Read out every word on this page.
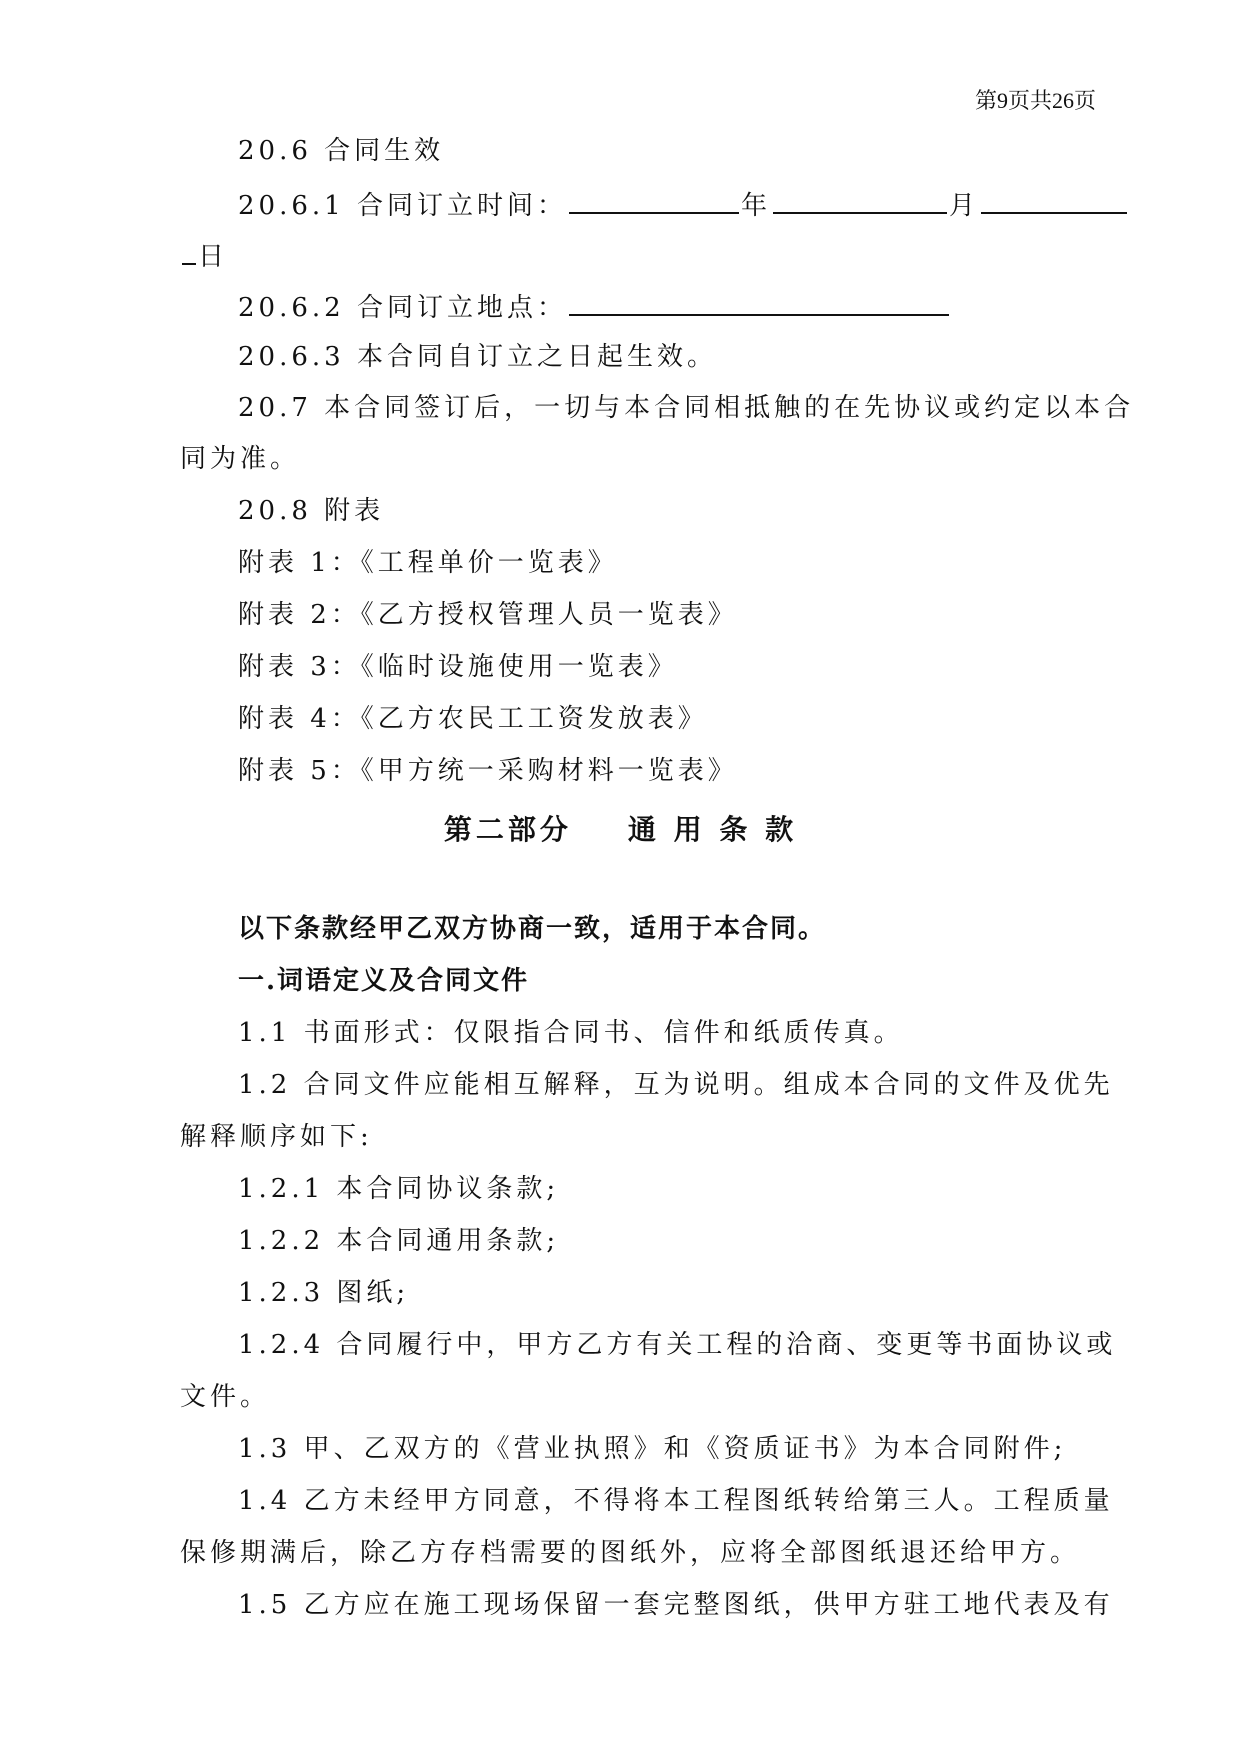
第9页共26页
20.6 合同生效
20.6.1 合同订立时间：	年	月
日
20.6.2 合同订立地点：
20.6.3 本合同自订立之日起生效。
20.7 本合同签订后，一切与本合同相抵触的在先协议或约定以本合
同为准。
20.8 附表
附表 1：《工程单价一览表》
附表 2：《乙方授权管理人员一览表》
附表 3：《临时设施使用一览表》
附表 4：《乙方农民工工资发放表》
附表 5：《甲方统一采购材料一览表》
第二部分 通 用 条 款
以下条款经甲乙双方协商一致，适用于本合同。
一.词语定义及合同文件
1.1 书面形式：仅限指合同书、信件和纸质传真。
1.2 合同文件应能相互解释，互为说明。组成本合同的文件及优先
解释顺序如下:
1.2.1 本合同协议条款;
1.2.2 本合同通用条款;
1.2.3 图纸;
1.2.4 合同履行中，甲方乙方有关工程的洽商、变更等书面协议或
文件。
1.3 甲、乙双方的《营业执照》和《资质证书》为本合同附件;
1.4 乙方未经甲方同意，不得将本工程图纸转给第三人。工程质量
保修期满后，除乙方存档需要的图纸外，应将全部图纸退还给甲方。
1.5 乙方应在施工现场保留一套完整图纸，供甲方驻工地代表及有
